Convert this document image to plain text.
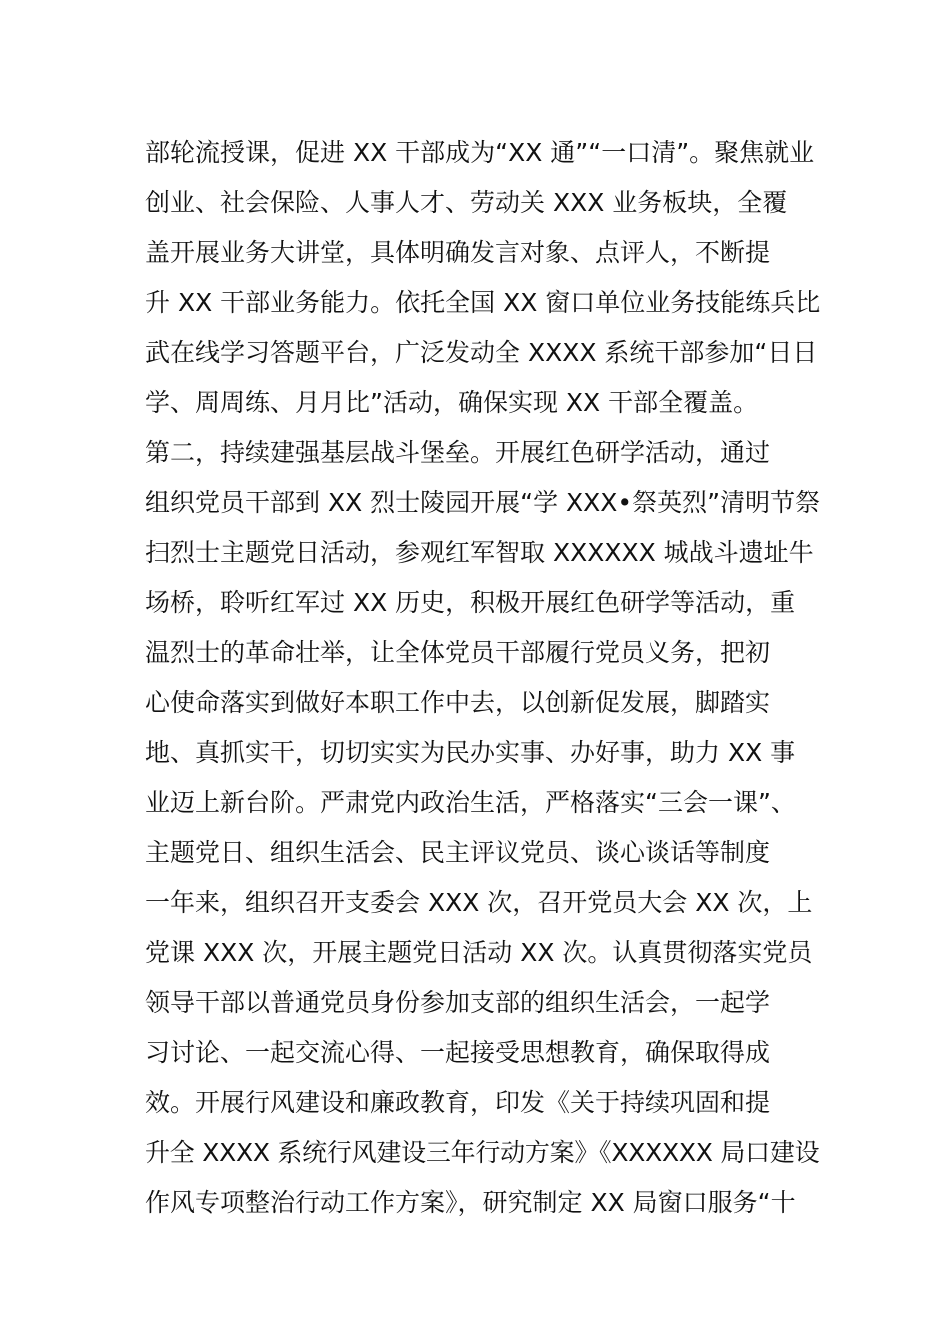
部轮流授课，促进 XX 干部成为“XX 通”“一口清”。聚焦就业
创业、社会保险、人事人才、劳动关 XXX 业务板块，全覆
盖开展业务大讲堂，具体明确发言对象、点评人，不断提
升 XX 干部业务能力。依托全国 XX 窗口单位业务技能练兵比
武在线学习答题平台，广泛发动全 XXXX 系统干部参加“日日
学、周周练、月月比”活动，确保实现 XX 干部全覆盖。
第二，持续建强基层战斗堡垒。开展红色研学活动，通过
组织党员干部到 XX 烈士陵园开展“学 XXX•祭英烈”清明节祭
扫烈士主题党日活动，参观红军智取 XXXXXX 城战斗遗址牛
场桥，聆听红军过 XX 历史，积极开展红色研学等活动，重
温烈士的革命壮举，让全体党员干部履行党员义务，把初
心使命落实到做好本职工作中去，以创新促发展，脚踏实
地、真抓实干，切切实实为民办实事、办好事，助力 XX 事
业迈上新台阶。严肃党内政治生活，严格落实“三会一课”、
主题党日、组织生活会、民主评议党员、谈心谈话等制度
一年来，组织召开支委会 XXX 次，召开党员大会 XX 次，上
党课 XXX 次，开展主题党日活动 XX 次。认真贯彻落实党员
领导干部以普通党员身份参加支部的组织生活会，一起学
习讨论、一起交流心得、一起接受思想教育，确保取得成
效。开展行风建设和廉政教育，印发《关于持续巩固和提
升全 XXXX 系统行风建设三年行动方案》《XXXXXX 局口建设
作风专项整治行动工作方案》，研究制定 XX 局窗口服务“十
